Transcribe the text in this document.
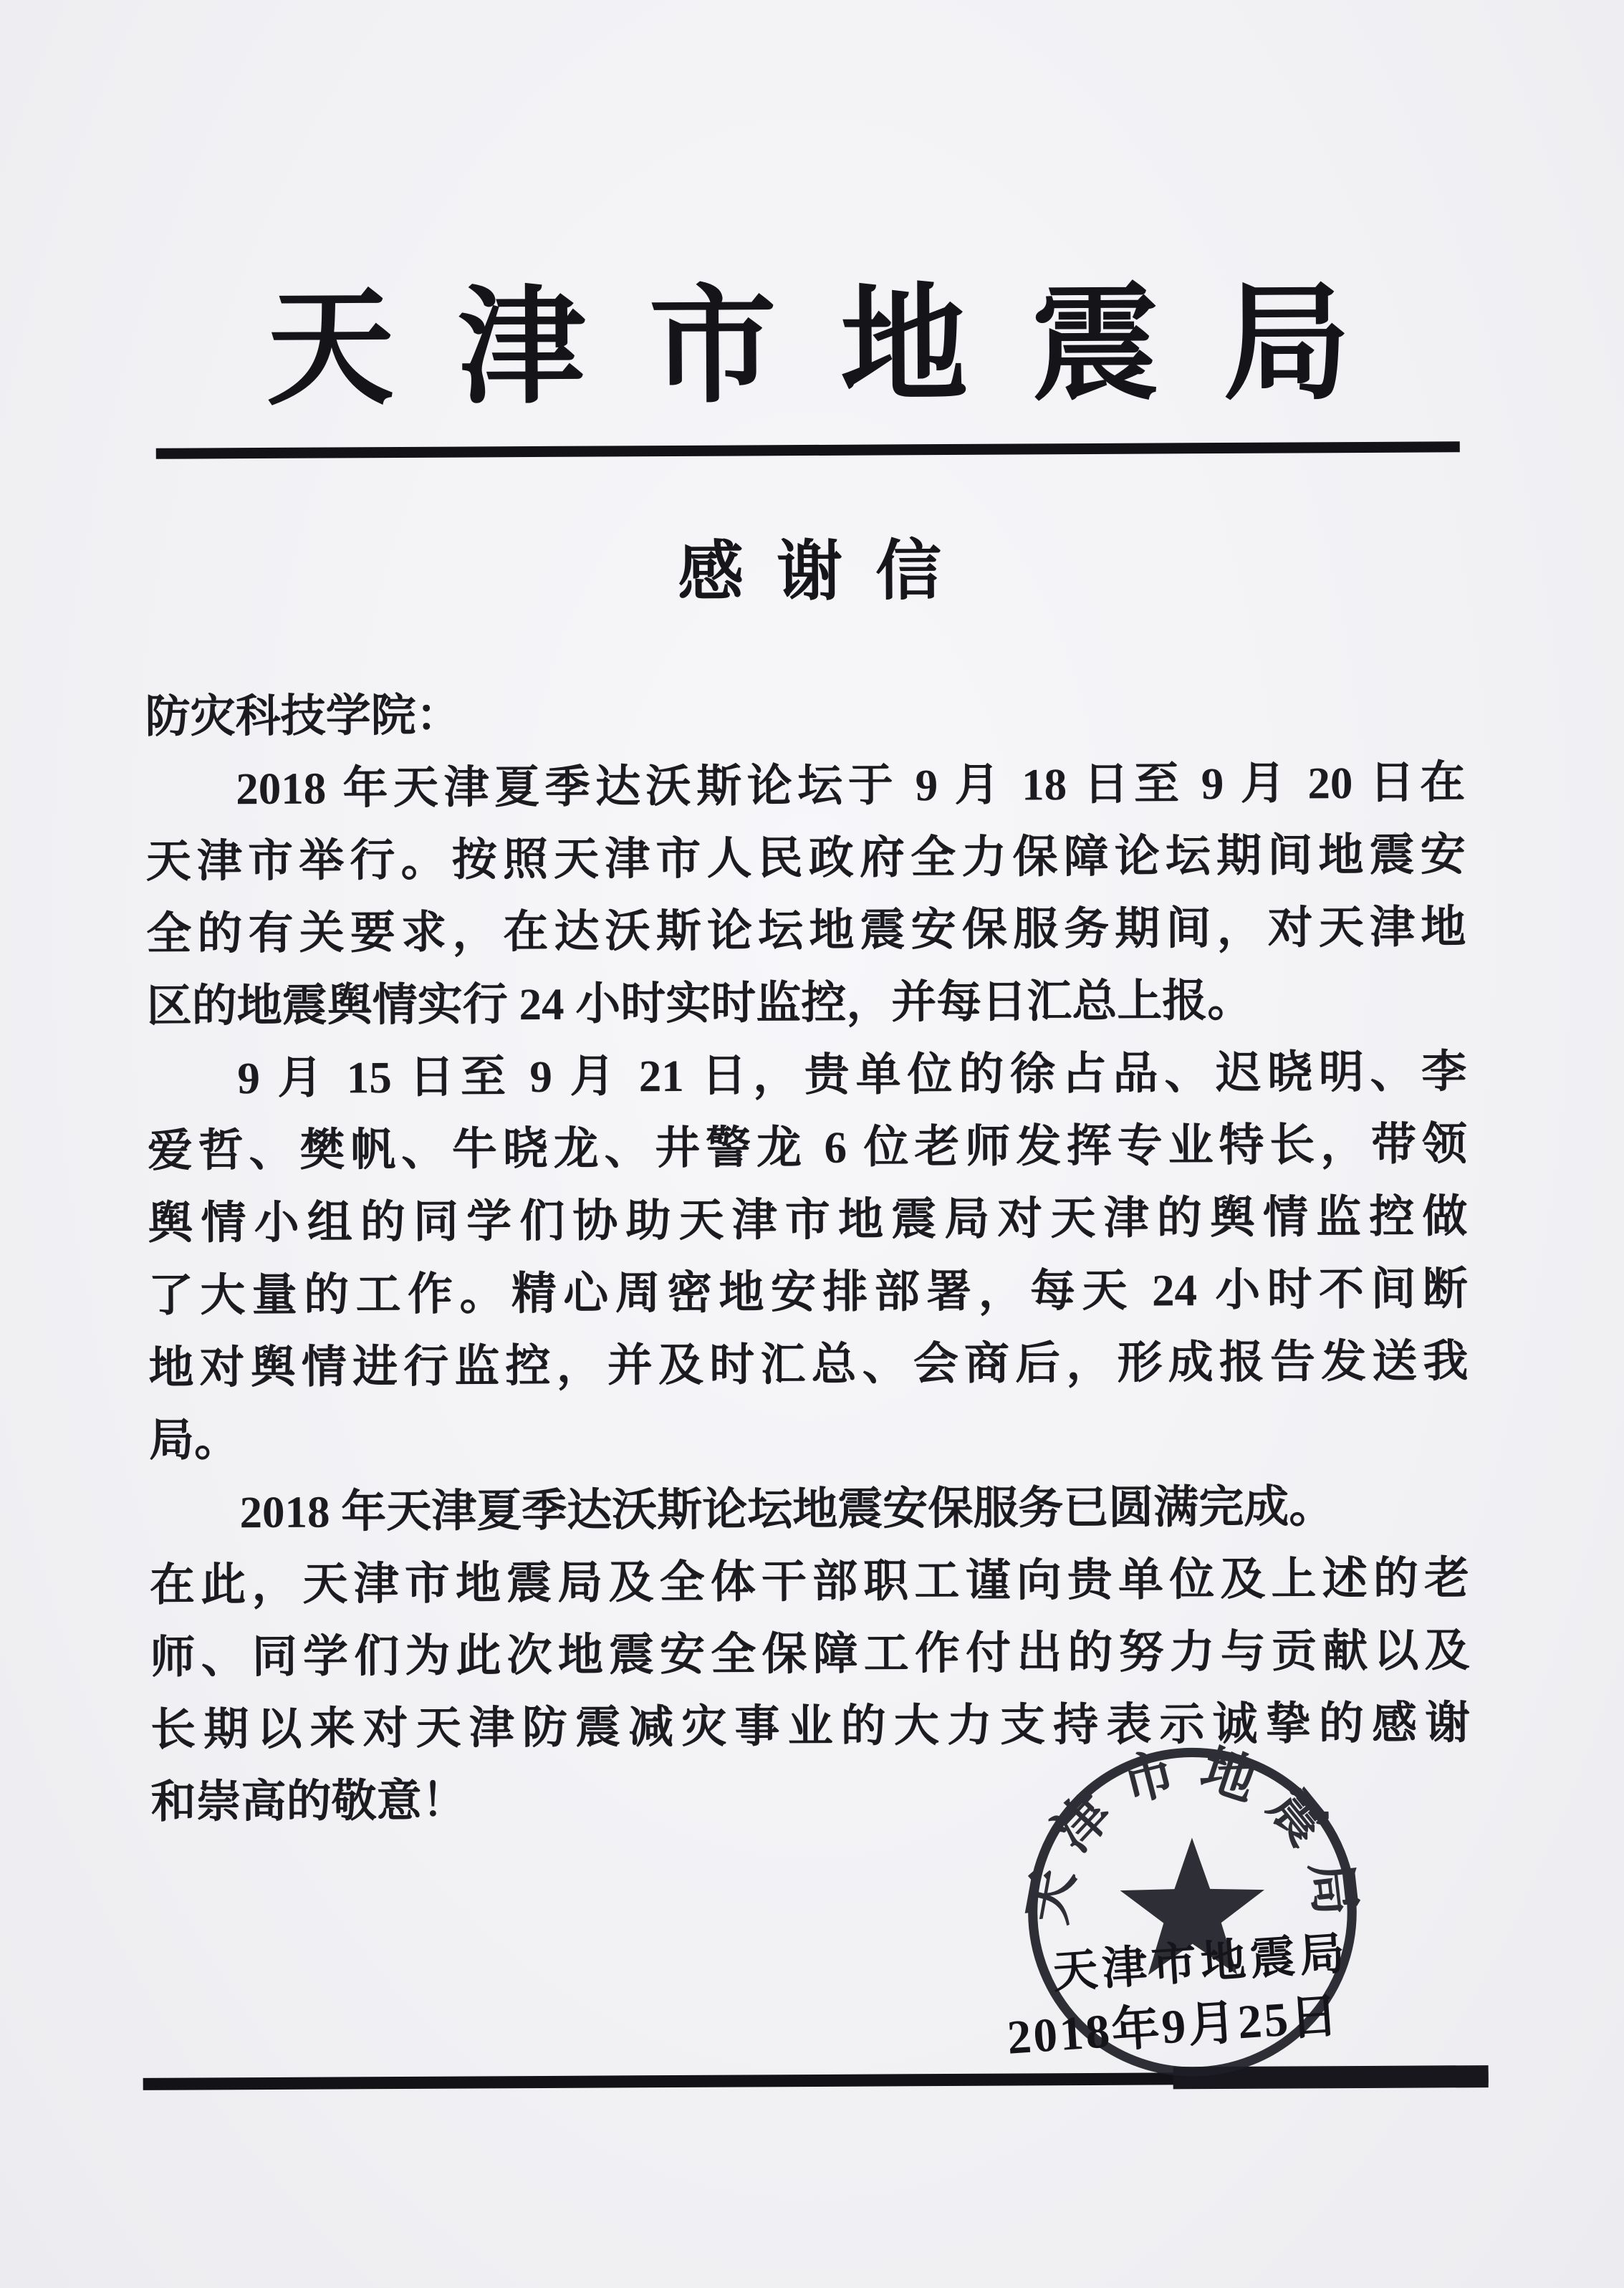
天津市地震局
感谢信
防灾科技学院：
2018 年天津夏季达沃斯论坛于 9 月 18 日至 9 月 20 日在
天津市举行。按照天津市人民政府全力保障论坛期间地震安
全的有关要求，在达沃斯论坛地震安保服务期间，对天津地
区的地震舆情实行 24 小时实时监控，并每日汇总上报。
9 月 15 日至 9 月 21 日，贵单位的徐占品、迟晓明、李
爱哲、樊帆、牛晓龙、井警龙 6 位老师发挥专业特长，带领
舆情小组的同学们协助天津市地震局对天津的舆情监控做
了大量的工作。精心周密地安排部署，每天 24 小时不间断
地对舆情进行监控，并及时汇总、会商后，形成报告发送我
局。
2018 年天津夏季达沃斯论坛地震安保服务已圆满完成。
在此，天津市地震局及全体干部职工谨向贵单位及上述的老
师、同学们为此次地震安全保障工作付出的努力与贡献以及
长期以来对天津防震减灾事业的大力支持表示诚挚的感谢
和崇高的敬意！
天津市地震局
天津市地震局
2018年9月25日
